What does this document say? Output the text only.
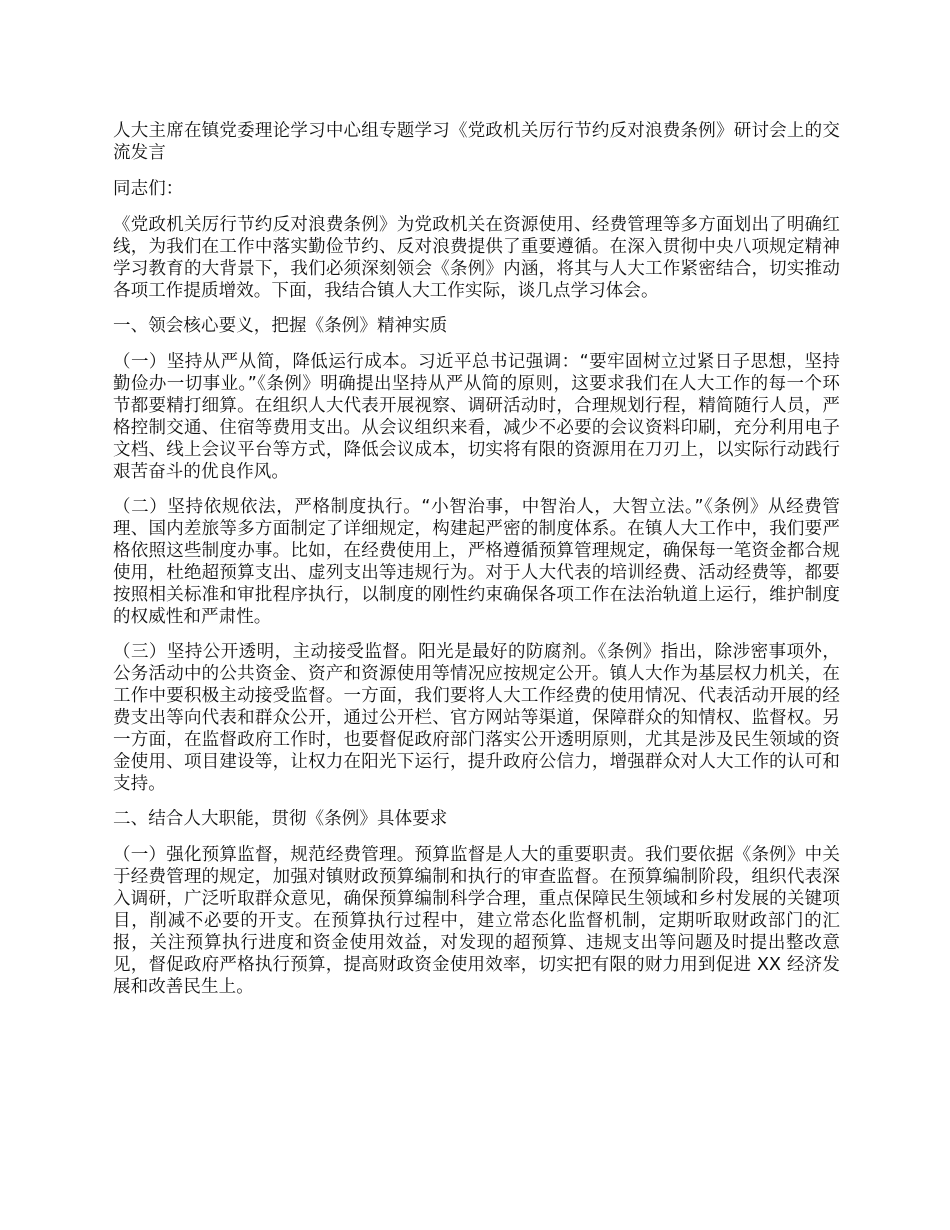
人大主席在镇党委理论学习中心组专题学习《党政机关厉行节约反对浪费条例》研讨会上的交流发言

同志们：

《党政机关厉行节约反对浪费条例》为党政机关在资源使用、经费管理等多方面划出了明确红线，为我们在工作中落实勤俭节约、反对浪费提供了重要遵循。在深入贯彻中央八项规定精神学习教育的大背景下，我们必须深刻领会《条例》内涵，将其与人大工作紧密结合，切实推动各项工作提质增效。下面，我结合镇人大工作实际，谈几点学习体会。

一、领会核心要义，把握《条例》精神实质

（一）坚持从严从简，降低运行成本。习近平总书记强调：“要牢固树立过紧日子思想，坚持勤俭办一切事业。”《条例》明确提出坚持从严从简的原则，这要求我们在人大工作的每一个环节都要精打细算。在组织人大代表开展视察、调研活动时，合理规划行程，精简随行人员，严格控制交通、住宿等费用支出。从会议组织来看，减少不必要的会议资料印刷，充分利用电子文档、线上会议平台等方式，降低会议成本，切实将有限的资源用在刀刃上，以实际行动践行艰苦奋斗的优良作风。

（二）坚持依规依法，严格制度执行。“小智治事，中智治人，大智立法。”《条例》从经费管理、国内差旅等多方面制定了详细规定，构建起严密的制度体系。在镇人大工作中，我们要严格依照这些制度办事。比如，在经费使用上，严格遵循预算管理规定，确保每一笔资金都合规使用，杜绝超预算支出、虚列支出等违规行为。对于人大代表的培训经费、活动经费等，都要按照相关标准和审批程序执行，以制度的刚性约束确保各项工作在法治轨道上运行，维护制度的权威性和严肃性。

（三）坚持公开透明，主动接受监督。阳光是最好的防腐剂。《条例》指出，除涉密事项外，公务活动中的公共资金、资产和资源使用等情况应按规定公开。镇人大作为基层权力机关，在工作中要积极主动接受监督。一方面，我们要将人大工作经费的使用情况、代表活动开展的经费支出等向代表和群众公开，通过公开栏、官方网站等渠道，保障群众的知情权、监督权。另一方面，在监督政府工作时，也要督促政府部门落实公开透明原则，尤其是涉及民生领域的资金使用、项目建设等，让权力在阳光下运行，提升政府公信力，增强群众对人大工作的认可和支持。

二、结合人大职能，贯彻《条例》具体要求

（一）强化预算监督，规范经费管理。预算监督是人大的重要职责。我们要依据《条例》中关于经费管理的规定，加强对镇财政预算编制和执行的审查监督。在预算编制阶段，组织代表深入调研，广泛听取群众意见，确保预算编制科学合理，重点保障民生领域和乡村发展的关键项目，削减不必要的开支。在预算执行过程中，建立常态化监督机制，定期听取财政部门的汇报，关注预算执行进度和资金使用效益，对发现的超预算、违规支出等问题及时提出整改意见，督促政府严格执行预算，提高财政资金使用效率，切实把有限的财力用到促进 XX 经济发展和改善民生上。
